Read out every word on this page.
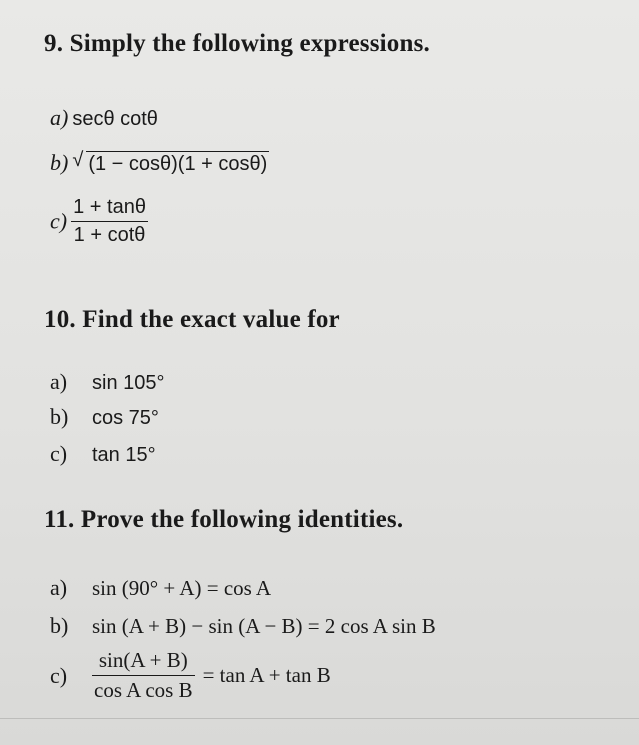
9. Simply the following expressions.
a) secθ cotθ
b) √ (1 − cosθ)(1 + cosθ)
$c) \frac{1 + \tan\theta}{1 + \cot\theta}$
10. Find the exact value for
a) sin 105°
b) cos 75°
c) tan 15°
11. Prove the following identities.
a) sin (90° + A) = cos A
b) sin (A + B) − sin (A − B) = 2 cos A sin B
$c) \frac{\sin(A + B)}{\text{cos A cos B}} = \tan A + \tan B$
